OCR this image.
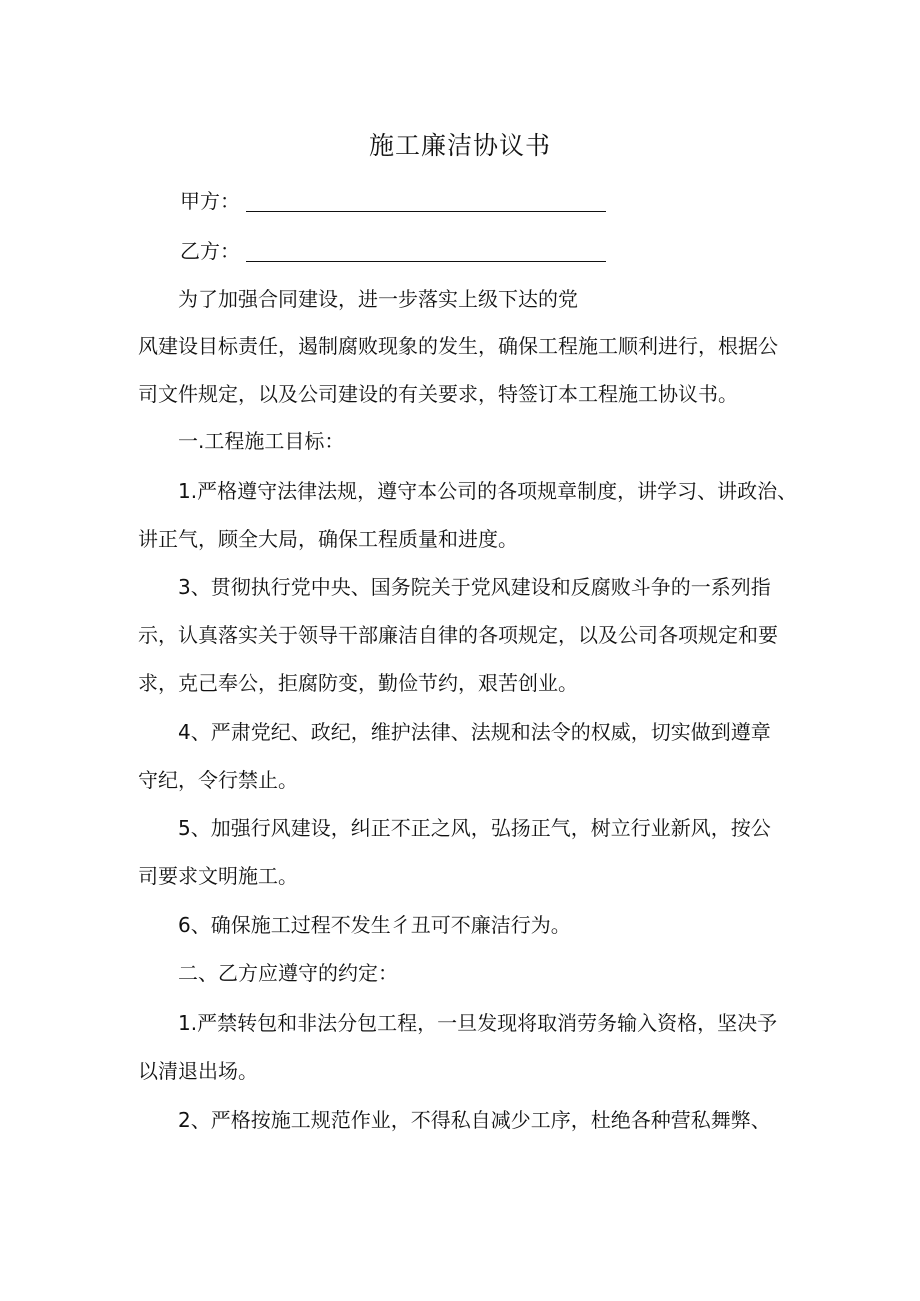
施工廉洁协议书
甲方：
乙方：
为了加强合同建设，进一步落实上级下达的党
风建设目标责任，遏制腐败现象的发生，确保工程施工顺利进行，根据公
司文件规定，以及公司建设的有关要求，特签订本工程施工协议书。
一.工程施工目标：
1.严格遵守法律法规，遵守本公司的各项规章制度，讲学习、讲政治、
讲正气，顾全大局，确保工程质量和进度。
3、贯彻执行党中央、国务院关于党风建设和反腐败斗争的一系列指
示，认真落实关于领导干部廉洁自律的各项规定，以及公司各项规定和要
求，克己奉公，拒腐防变，勤俭节约，艰苦创业。
4、严肃党纪、政纪，维护法律、法规和法令的权威，切实做到遵章
守纪，令行禁止。
5、加强行风建设，纠正不正之风，弘扬正气，树立行业新风，按公
司要求文明施工。
6、确保施工过程不发生彳丑可不廉洁行为。
二、乙方应遵守的约定：
1.严禁转包和非法分包工程，一旦发现将取消劳务输入资格，坚决予
以清退出场。
2、严格按施工规范作业，不得私自减少工序，杜绝各种营私舞弊、
